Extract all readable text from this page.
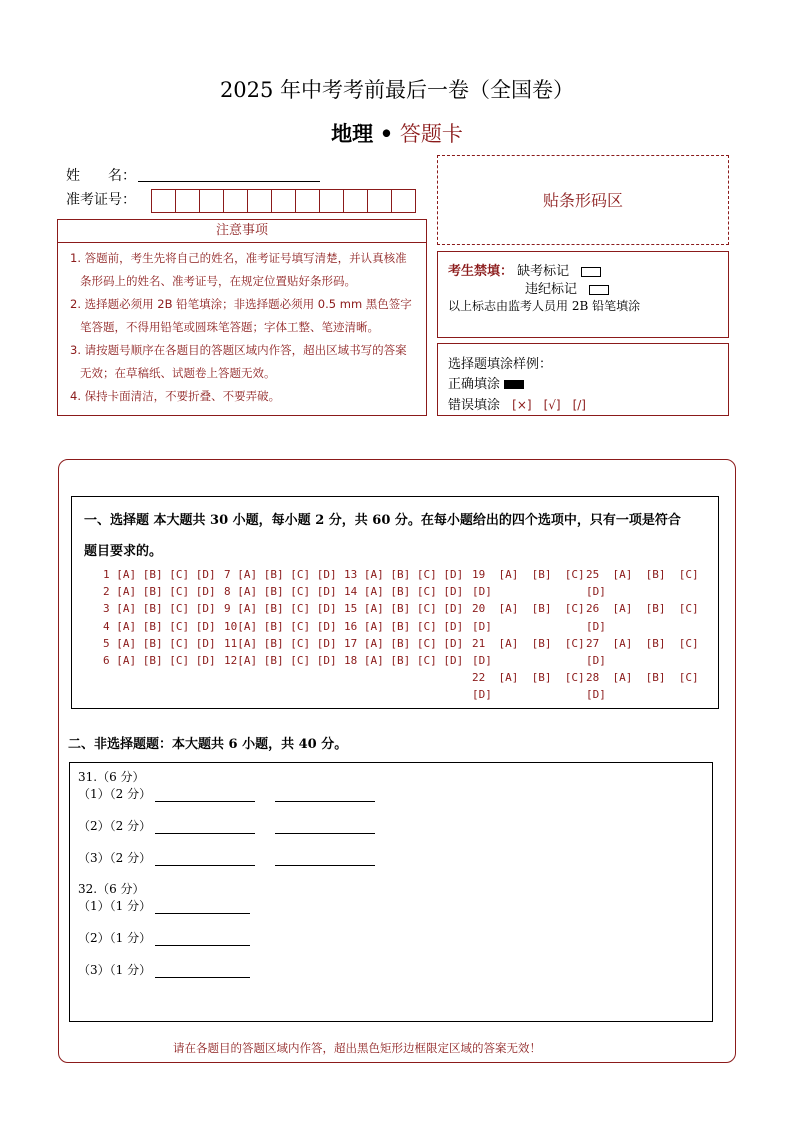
2025 年中考考前最后一卷（全国卷）
地理 • 答题卡
姓　　名：
准考证号：	贴条形码区
注意事项
1. 答题前，考生先将自己的姓名，准考证号填写清楚，并认真核准条形码上的姓名、准考证号，在规定位置贴好条形码。
2. 选择题必须用 2B 铅笔填涂；非选择题必须用 0.5 mm 黑色签字笔答题，不得用铅笔或圆珠笔答题；字体工整、笔迹清晰。
3. 请按题号顺序在各题目的答题区域内作答，超出区域书写的答案无效；在草稿纸、试题卷上答题无效。
4. 保持卡面清洁，不要折叠、不要弄破。
考生禁填： 缺考标记
违纪标记
以上标志由监考人员用 2B 铅笔填涂
选择题填涂样例：
正确填涂
错误填涂 [×]　[√]　[/]
一、选择题 本大题共 30 小题，每小题 2 分，共 60 分。在每小题给出的四个选项中，只有一项是符合
题目要求的。
1 [A] [B] [C] [D]
2 [A] [B] [C] [D]
3 [A] [B] [C] [D]
4 [A] [B] [C] [D]
5 [A] [B] [C] [D]
6 [A] [B] [C] [D]
7 [A] [B] [C] [D]
8 [A] [B] [C] [D]
9 [A] [B] [C] [D]
10[A] [B] [C] [D]
11[A] [B] [C] [D]
12[A] [B] [C] [D]
13 [A] [B] [C] [D]
14 [A] [B] [C] [D]
15 [A] [B] [C] [D]
16 [A] [B] [C] [D]
17 [A] [B] [C] [D]
18 [A] [B] [C] [D]
19  [A]  [B]  [C]
[D]
20  [A]  [B]  [C]
[D]
21  [A]  [B]  [C]
[D]
22  [A]  [B]  [C]
[D]
25  [A]  [B]  [C]
[D]
26  [A]  [B]  [C]
[D]
27  [A]  [B]  [C]
[D]
28  [A]  [B]  [C]
[D]
二、非选择题题：本大题共 6 小题，共 40 分。
31.（6 分）
（1）（2 分）
（2）（2 分）
（3）（2 分）
32.（6 分）
（1）（1 分）
（2）（1 分）
（3）（1 分）
请在各题目的答题区域内作答，超出黑色矩形边框限定区域的答案无效！
